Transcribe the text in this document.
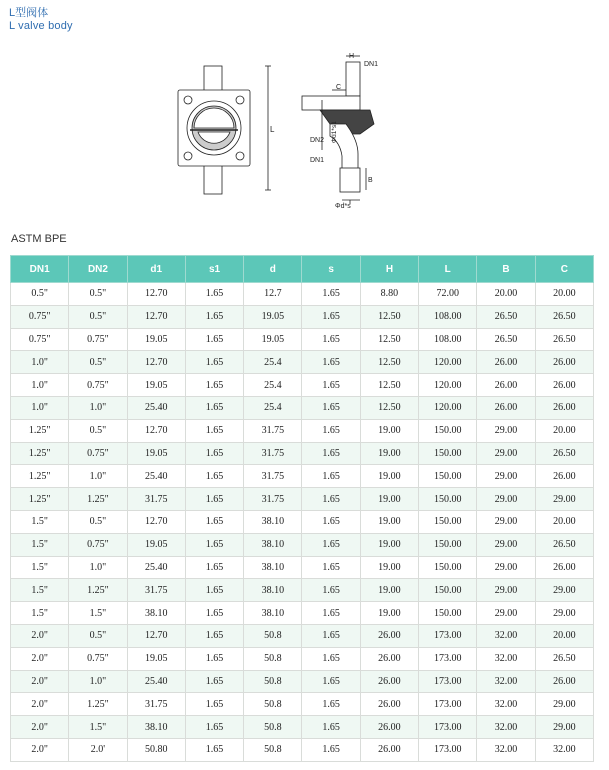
L型阀体
L valve body
L
H
DN1
C
Φd1*s1
DN2
DN1
B
Φd*s
ASTM BPE
DN1	DN2	d1	s1	d	s	H	L	B	C
0.5"	0.5"	12.70	1.65	12.7	1.65	8.80	72.00	20.00	20.00
0.75"	0.5"	12.70	1.65	19.05	1.65	12.50	108.00	26.50	26.50
0.75"	0.75"	19.05	1.65	19.05	1.65	12.50	108.00	26.50	26.50
1.0"	0.5"	12.70	1.65	25.4	1.65	12.50	120.00	26.00	26.00
1.0"	0.75"	19.05	1.65	25.4	1.65	12.50	120.00	26.00	26.00
1.0"	1.0"	25.40	1.65	25.4	1.65	12.50	120.00	26.00	26.00
1.25"	0.5"	12.70	1.65	31.75	1.65	19.00	150.00	29.00	20.00
1.25"	0.75"	19.05	1.65	31.75	1.65	19.00	150.00	29.00	26.50
1.25"	1.0"	25.40	1.65	31.75	1.65	19.00	150.00	29.00	26.00
1.25"	1.25"	31.75	1.65	31.75	1.65	19.00	150.00	29.00	29.00
1.5"	0.5"	12.70	1.65	38.10	1.65	19.00	150.00	29.00	20.00
1.5"	0.75"	19.05	1.65	38.10	1.65	19.00	150.00	29.00	26.50
1.5"	1.0"	25.40	1.65	38.10	1.65	19.00	150.00	29.00	26.00
1.5"	1.25"	31.75	1.65	38.10	1.65	19.00	150.00	29.00	29.00
1.5"	1.5"	38.10	1.65	38.10	1.65	19.00	150.00	29.00	29.00
2.0"	0.5"	12.70	1.65	50.8	1.65	26.00	173.00	32.00	20.00
2.0"	0.75"	19.05	1.65	50.8	1.65	26.00	173.00	32.00	26.50
2.0"	1.0"	25.40	1.65	50.8	1.65	26.00	173.00	32.00	26.00
2.0"	1.25"	31.75	1.65	50.8	1.65	26.00	173.00	32.00	29.00
2.0"	1.5"	38.10	1.65	50.8	1.65	26.00	173.00	32.00	29.00
2.0"	2.0'	50.80	1.65	50.8	1.65	26.00	173.00	32.00	32.00
